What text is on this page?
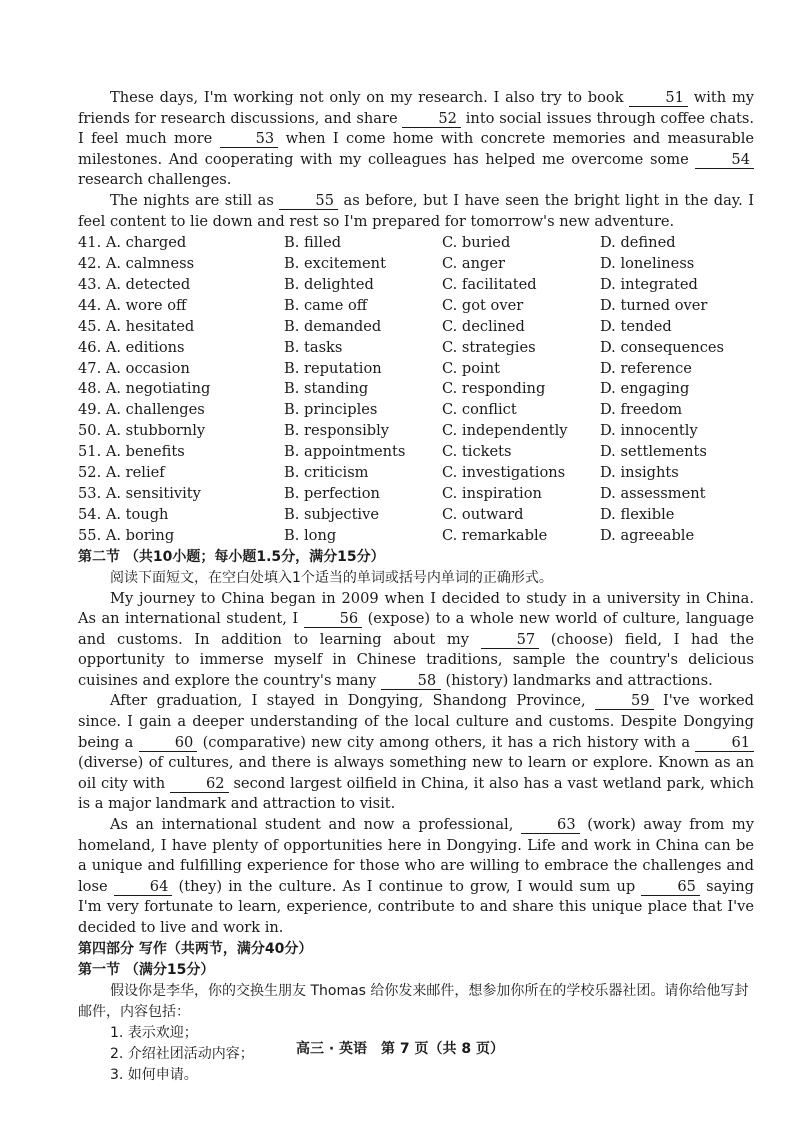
These days, I'm working not only on my research. I also try to book	51 with my friends for research discussions, and share	52 into social issues through coffee chats. I feel much more	53 when I come home with concrete memories and measurable milestones. And cooperating with my colleagues has helped me overcome some	54 research challenges.

The nights are still as	55 as before, but I have seen the bright light in the day. I feel content to lie down and rest so I'm prepared for tomorrow's new adventure.

41. A. charged	B. filled	C. buried	D. defined
42. A. calmness	B. excitement	C. anger	D. loneliness
43. A. detected	B. delighted	C. facilitated	D. integrated
44. A. wore off	B. came off	C. got over	D. turned over
45. A. hesitated	B. demanded	C. declined	D. tended
46. A. editions	B. tasks	C. strategies	D. consequences
47. A. occasion	B. reputation	C. point	D. reference
48. A. negotiating	B. standing	C. responding	D. engaging
49. A. challenges	B. principles	C. conflict	D. freedom
50. A. stubbornly	B. responsibly	C. independently	D. innocently
51. A. benefits	B. appointments	C. tickets	D. settlements
52. A. relief	B. criticism	C. investigations	D. insights
53. A. sensitivity	B. perfection	C. inspiration	D. assessment
54. A. tough	B. subjective	C. outward	D. flexible
55. A. boring	B. long	C. remarkable	D. agreeable

第二节 （共10小题；每小题1.5分，满分15分）

阅读下面短文，在空白处填入1个适当的单词或括号内单词的正确形式。

My journey to China began in 2009 when I decided to study in a university in China. As an international student, I	56 (expose) to a whole new world of culture, language and customs. In addition to learning about my	57 (choose) field, I had the opportunity to immerse myself in Chinese traditions, sample the country's delicious cuisines and explore the country's many	58 (history) landmarks and attractions.

After graduation, I stayed in Dongying, Shandong Province,	59 I've worked since. I gain a deeper understanding of the local culture and customs. Despite Dongying being a	60 (comparative) new city among others, it has a rich history with a	61 (diverse) of cultures, and there is always something new to learn or explore. Known as an oil city with	62 second largest oilfield in China, it also has a vast wetland park, which is a major landmark and attraction to visit.

As an international student and now a professional,	63 (work) away from my homeland, I have plenty of opportunities here in Dongying. Life and work in China can be a unique and fulfilling experience for those who are willing to embrace the challenges and lose	64 (they) in the culture. As I continue to grow, I would sum up	65 saying I'm very fortunate to learn, experience, contribute to and share this unique place that I've decided to live and work in.

第四部分 写作（共两节，满分40分）

第一节 （满分15分）

假设你是李华，你的交换生朋友 Thomas 给你发来邮件，想参加你所在的学校乐器社团。请你给他写封邮件，内容包括：

1. 表示欢迎；

2. 介绍社团活动内容；

3. 如何申请。

高三 · 英语　第 7 页（共 8 页）
